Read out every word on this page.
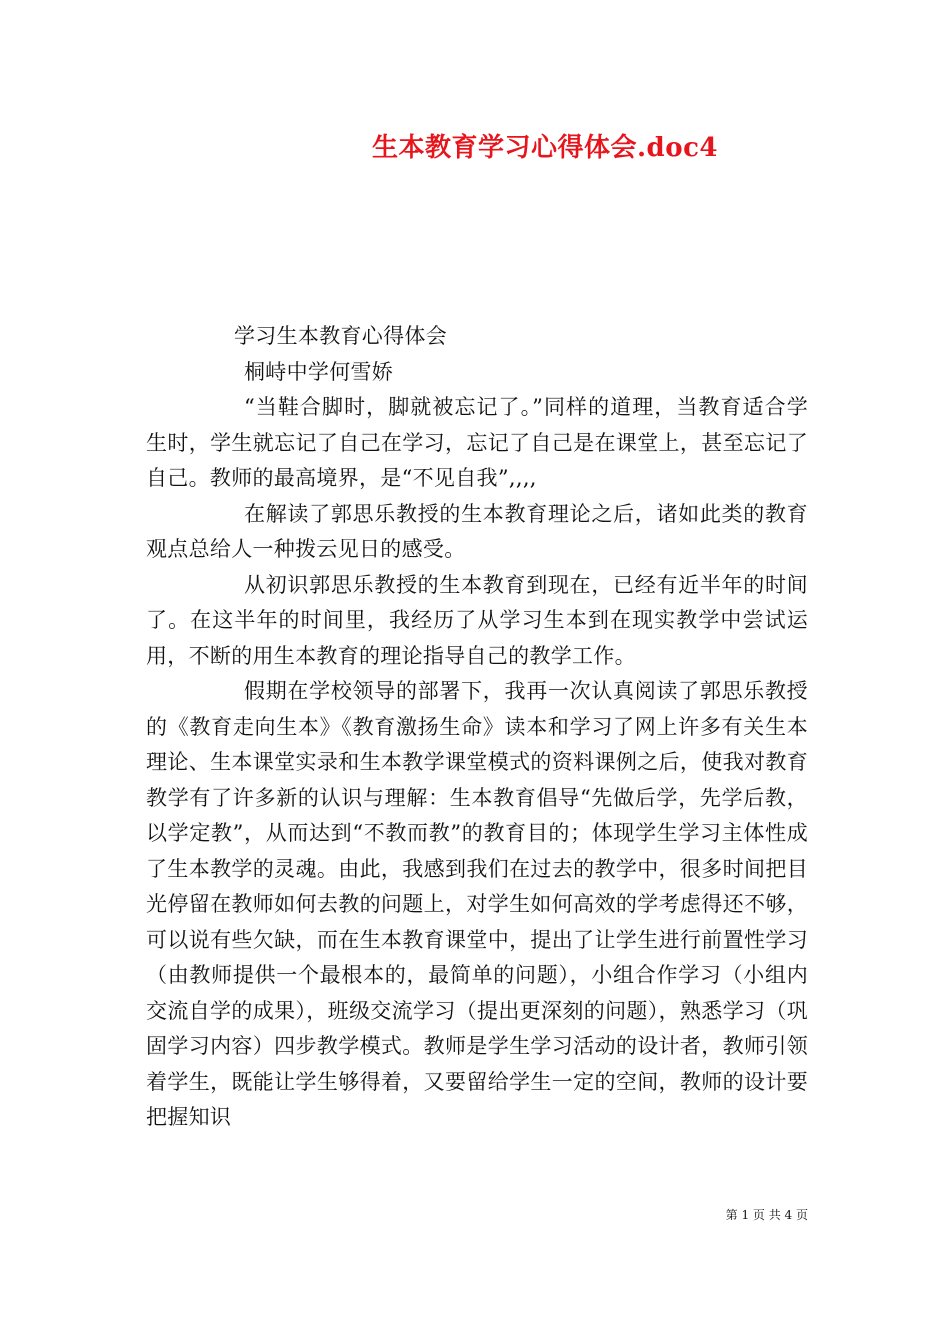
生本教育学习心得体会.doc4

学习生本教育心得体会

桐峙中学何雪娇

“当鞋合脚时，脚就被忘记了。”同样的道理，当教育适合学生时，学生就忘记了自己在学习，忘记了自己是在课堂上，甚至忘记了自己。教师的最高境界，是“不见自我”,,,,

在解读了郭思乐教授的生本教育理论之后，诸如此类的教育观点总给人一种拨云见日的感受。

从初识郭思乐教授的生本教育到现在，已经有近半年的时间了。在这半年的时间里，我经历了从学习生本到在现实教学中尝试运用，不断的用生本教育的理论指导自己的教学工作。

假期在学校领导的部署下，我再一次认真阅读了郭思乐教授的《教育走向生本》《教育激扬生命》读本和学习了网上许多有关生本理论、生本课堂实录和生本教学课堂模式的资料课例之后，使我对教育教学有了许多新的认识与理解：生本教育倡导“先做后学，先学后教，以学定教”，从而达到“不教而教”的教育目的；体现学生学习主体性成了生本教学的灵魂。由此，我感到我们在过去的教学中，很多时间把目光停留在教师如何去教的问题上，对学生如何高效的学考虑得还不够，可以说有些欠缺，而在生本教育课堂中，提出了让学生进行前置性学习（由教师提供一个最根本的，最简单的问题），小组合作学习（小组内交流自学的成果），班级交流学习（提出更深刻的问题），熟悉学习（巩固学习内容）四步教学模式。教师是学生学习活动的设计者，教师引领着学生，既能让学生够得着，又要留给学生一定的空间，教师的设计要把握知识

第 1 页 共 4 页
